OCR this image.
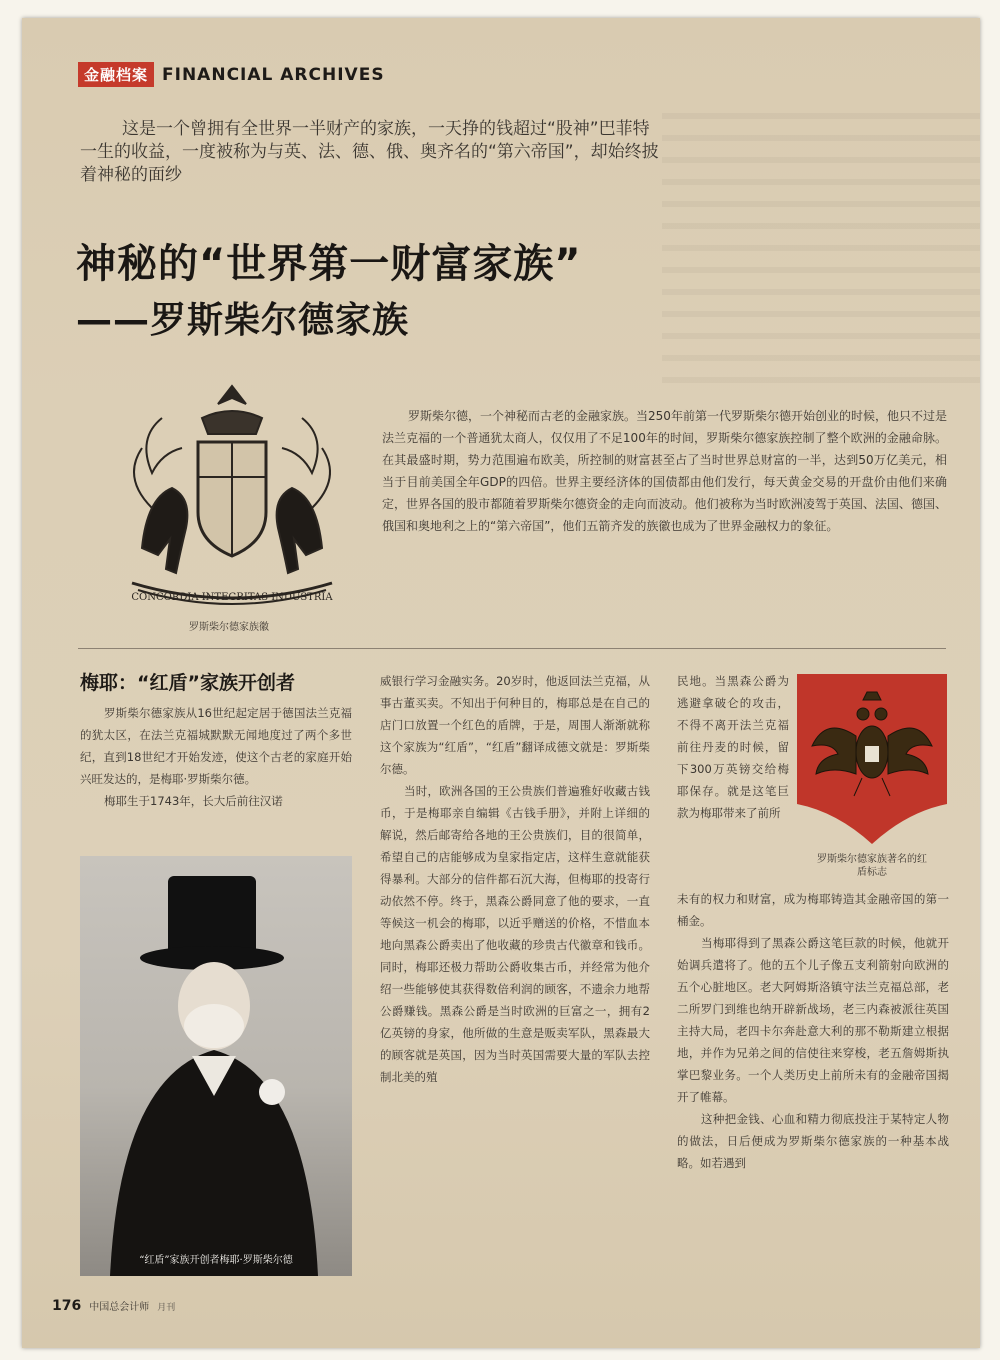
金融档案 FINANCIAL ARCHIVES
这是一个曾拥有全世界一半财产的家族，一天挣的钱超过“股神”巴菲特一生的收益，一度被称为与英、法、德、俄、奥齐名的“第六帝国”，却始终披着神秘的面纱
神秘的“世界第一财富家族”
——罗斯柴尔德家族
CONCORDIA INTEGRITAS INDUSTRIA
罗斯柴尔德家族徽
罗斯柴尔德，一个神秘而古老的金融家族。当250年前第一代罗斯柴尔德开始创业的时候，他只不过是法兰克福的一个普通犹太商人，仅仅用了不足100年的时间，罗斯柴尔德家族控制了整个欧洲的金融命脉。在其最盛时期，势力范围遍布欧美，所控制的财富甚至占了当时世界总财富的一半，达到50万亿美元，相当于目前美国全年GDP的四倍。世界主要经济体的国债都由他们发行，每天黄金交易的开盘价由他们来确定，世界各国的股市都随着罗斯柴尔德资金的走向而波动。他们被称为当时欧洲凌驾于英国、法国、德国、俄国和奥地利之上的“第六帝国”，他们五箭齐发的族徽也成为了世界金融权力的象征。
梅耶：“红盾”家族开创者

罗斯柴尔德家族从16世纪起定居于德国法兰克福的犹太区，在法兰克福城默默无闻地度过了两个多世纪，直到18世纪才开始发迹，使这个古老的家庭开始兴旺发达的，是梅耶·罗斯柴尔德。

梅耶生于1743年，长大后前往汉诺

“红盾”家族开创者梅耶·罗斯柴尔德

威银行学习金融实务。20岁时，他返回法兰克福，从事古董买卖。不知出于何种目的，梅耶总是在自己的店门口放置一个红色的盾牌，于是，周围人渐渐就称这个家族为“红盾”，“红盾”翻译成德文就是：罗斯柴尔德。

当时，欧洲各国的王公贵族们普遍雅好收藏古钱币，于是梅耶亲自编辑《古钱手册》，并附上详细的解说，然后邮寄给各地的王公贵族们，目的很简单，希望自己的店能够成为皇家指定店，这样生意就能获得暴利。大部分的信件都石沉大海，但梅耶的投寄行动依然不停。终于，黑森公爵同意了他的要求，一直等候这一机会的梅耶，以近乎赠送的价格，不惜血本地向黑森公爵卖出了他收藏的珍贵古代徽章和钱币。同时，梅耶还极力帮助公爵收集古币，并经常为他介绍一些能够使其获得数倍利润的顾客，不遗余力地帮公爵赚钱。黑森公爵是当时欧洲的巨富之一，拥有2亿英镑的身家，他所做的生意是贩卖军队，黑森最大的顾客就是英国，因为当时英国需要大量的军队去控制北美的殖

民地。当黑森公爵为逃避拿破仑的攻击，不得不离开法兰克福前往丹麦的时候，留下300万英镑交给梅耶保存。就是这笔巨款为梅耶带来了前所

罗斯柴尔德家族著名的红盾标志

未有的权力和财富，成为梅耶铸造其金融帝国的第一桶金。

当梅耶得到了黑森公爵这笔巨款的时候，他就开始调兵遣将了。他的五个儿子像五支利箭射向欧洲的五个心脏地区。老大阿姆斯洛镇守法兰克福总部，老二所罗门到维也纳开辟新战场，老三内森被派往英国主持大局，老四卡尔奔赴意大利的那不勒斯建立根据地，并作为兄弟之间的信使往来穿梭，老五詹姆斯执掌巴黎业务。一个人类历史上前所未有的金融帝国揭开了帷幕。

这种把金钱、心血和精力彻底投注于某特定人物的做法，日后便成为罗斯柴尔德家族的一种基本战略。如若遇到

176 中国总会计师 月刊
